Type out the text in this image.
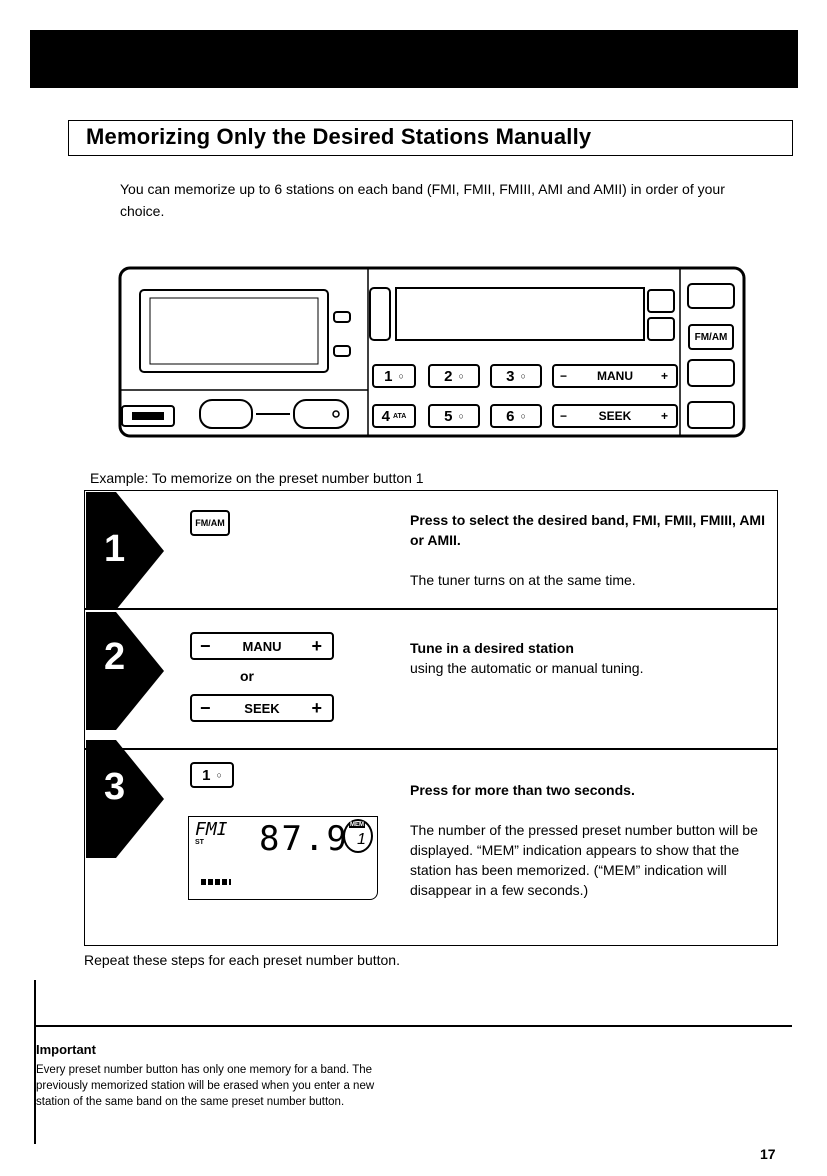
Memorizing Only the Desired Stations Manually
You can memorize up to 6 stations on each band (FMI, FMII, FMIII, AMI and AMII) in order of your choice.
1 ○	2 ○	3 ○	− MANU +
4 ATA	5 ○	6 ○	−	SEEK +
FM/AM
Example: To memorize on the preset number button 1
1
FM/AM	Press to select the desired band, FMI, FMII, FMIII, AMI or AMII.
The tuner turns on at the same time.
2	− MANU +
or
−	SEEK +
Tune in a desired station
using the automatic or manual tuning.
3	1 ○
FMI
ST 87.9 MEM
1
Press for more than two seconds.
The number of the pressed preset number button will be displayed. “MEM” indication appears to show that the station has been memorized. (“MEM” indication will disappear in a few seconds.)
Repeat these steps for each preset number button.
Important
Every preset number button has only one memory for a band. The previously memorized station will be erased when you enter a new station of the same band on the same preset number button.
17
